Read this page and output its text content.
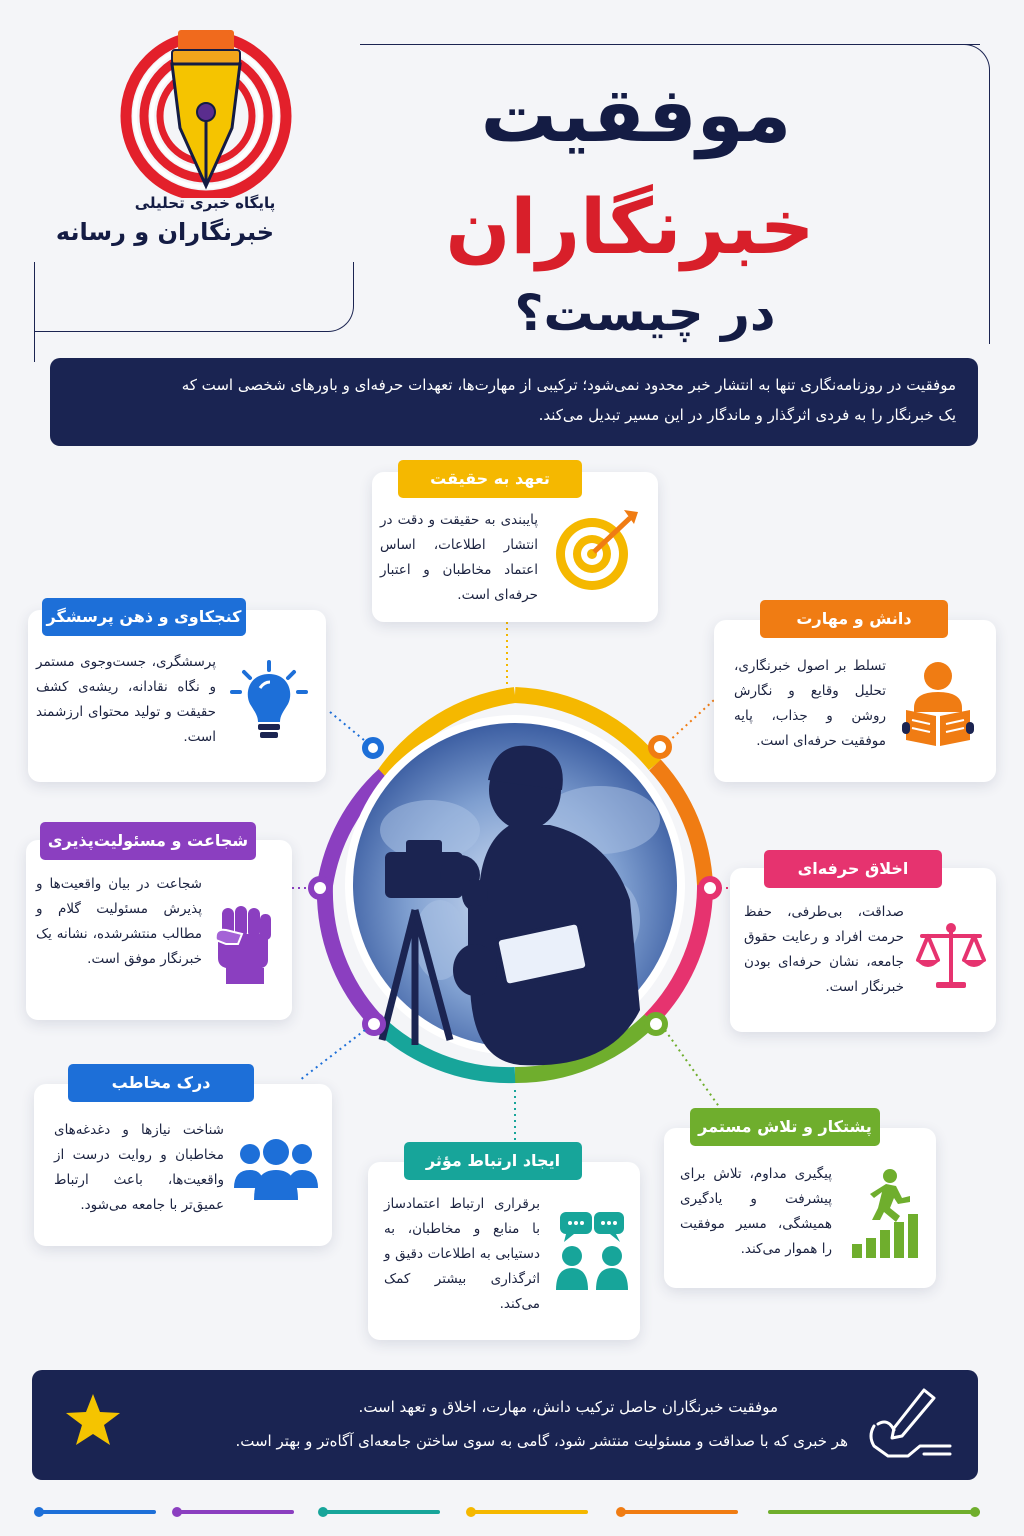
پایگاه خبری تحلیلی
خبرنگاران و رسانه
موفقیت
خبرنگاران
در چیست؟
موفقیت در روزنامه‌نگاری تنها به انتشار خبر محدود نمی‌شود؛ ترکیبی از مهارت‌ها، تعهدات حرفه‌ای و باورهای شخصی است که
یک خبرنگار را به فردی اثرگذار و ماندگار در این مسیر تبدیل می‌کند.
تعهد به حقیقت
پایبندی به حقیقت و دقت در انتشار اطلاعات، اساس اعتماد مخاطبان و اعتبار حرفه‌ای است.
کنجکاوی و ذهن پرسشگر
پرسشگری، جست‌وجوی مستمر و نگاه نقادانه، ریشه‌ی کشف حقیقت و تولید محتوای ارزشمند است.
دانش و مهارت
تسلط بر اصول خبرنگاری، تحلیل وقایع و نگارش روشن و جذاب، پایه موفقیت حرفه‌ای است.
شجاعت و مسئولیت‌پذیری
شجاعت در بیان واقعیت‌ها و پذیرش مسئولیت گلام و مطالب منتشرشده، نشانه یک خبرنگار موفق است.
اخلاق حرفه‌ای
صداقت، بی‌طرفی، حفظ حرمت افراد و رعایت حقوق جامعه، نشان حرفه‌ای بودن خبرنگار است.
درک مخاطب
شناخت نیازها و دغدغه‌های مخاطبان و روایت درست از واقعیت‌ها، باعث ارتباط عمیق‌تر با جامعه می‌شود.
ایجاد ارتباط مؤثر
برقراری ارتباط اعتمادساز با منابع و مخاطبان، به دستیابی به اطلاعات دقیق و اثرگذاری بیشتر کمک می‌کند.
پشتکار و تلاش مستمر
پیگیری مداوم، تلاش برای پیشرفت و یادگیری همیشگی، مسیر موفقیت را هموار می‌کند.
موفقیت خبرنگاران حاصل ترکیب دانش، مهارت، اخلاق و تعهد است.
هر خبری که با صداقت و مسئولیت منتشر شود، گامی به سوی ساختن جامعه‌ای آگاه‌تر و بهتر است.
